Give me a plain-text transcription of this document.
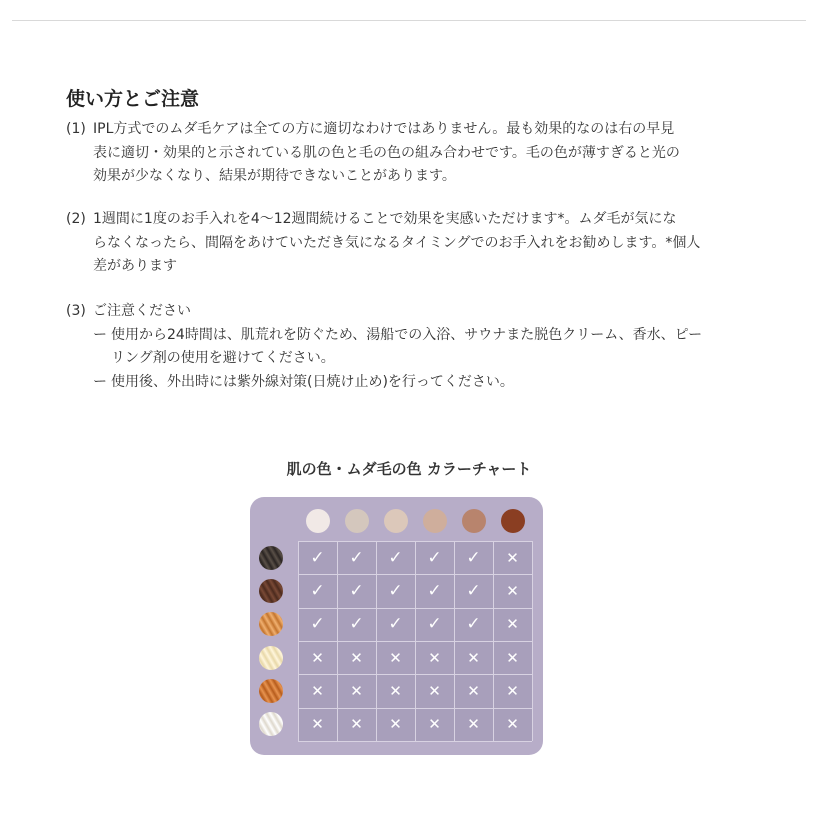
使い方とご注意
(1) IPL方式でのムダ毛ケアは全ての方に適切なわけではありません。最も効果的なのは右の早見
表に適切・効果的と示されている肌の色と毛の色の組み合わせです。毛の色が薄すぎると光の
効果が少なくなり、結果が期待できないことがあります。
(2) 1週間に1度のお手入れを4～12週間続けることで効果を実感いただけます*。ムダ毛が気にな
らなくなったら、間隔をあけていただき気になるタイミングでのお手入れをお勧めします。*個人
差があります
(3) ご注意ください
ー 使用から24時間は、肌荒れを防ぐため、湯船での入浴、サウナまた脱色クリーム、香水、ピー
リング剤の使用を避けてください。
ー 使用後、外出時には紫外線対策(日焼け止め)を行ってください。
肌の色・ムダ毛の色 カラーチャート
✓	✓	✓	✓	✓	✕
✓	✓	✓	✓	✓	✕
✓	✓	✓	✓	✓	✕
✕	✕	✕	✕	✕	✕
✕	✕	✕	✕	✕	✕
✕	✕	✕	✕	✕	✕
